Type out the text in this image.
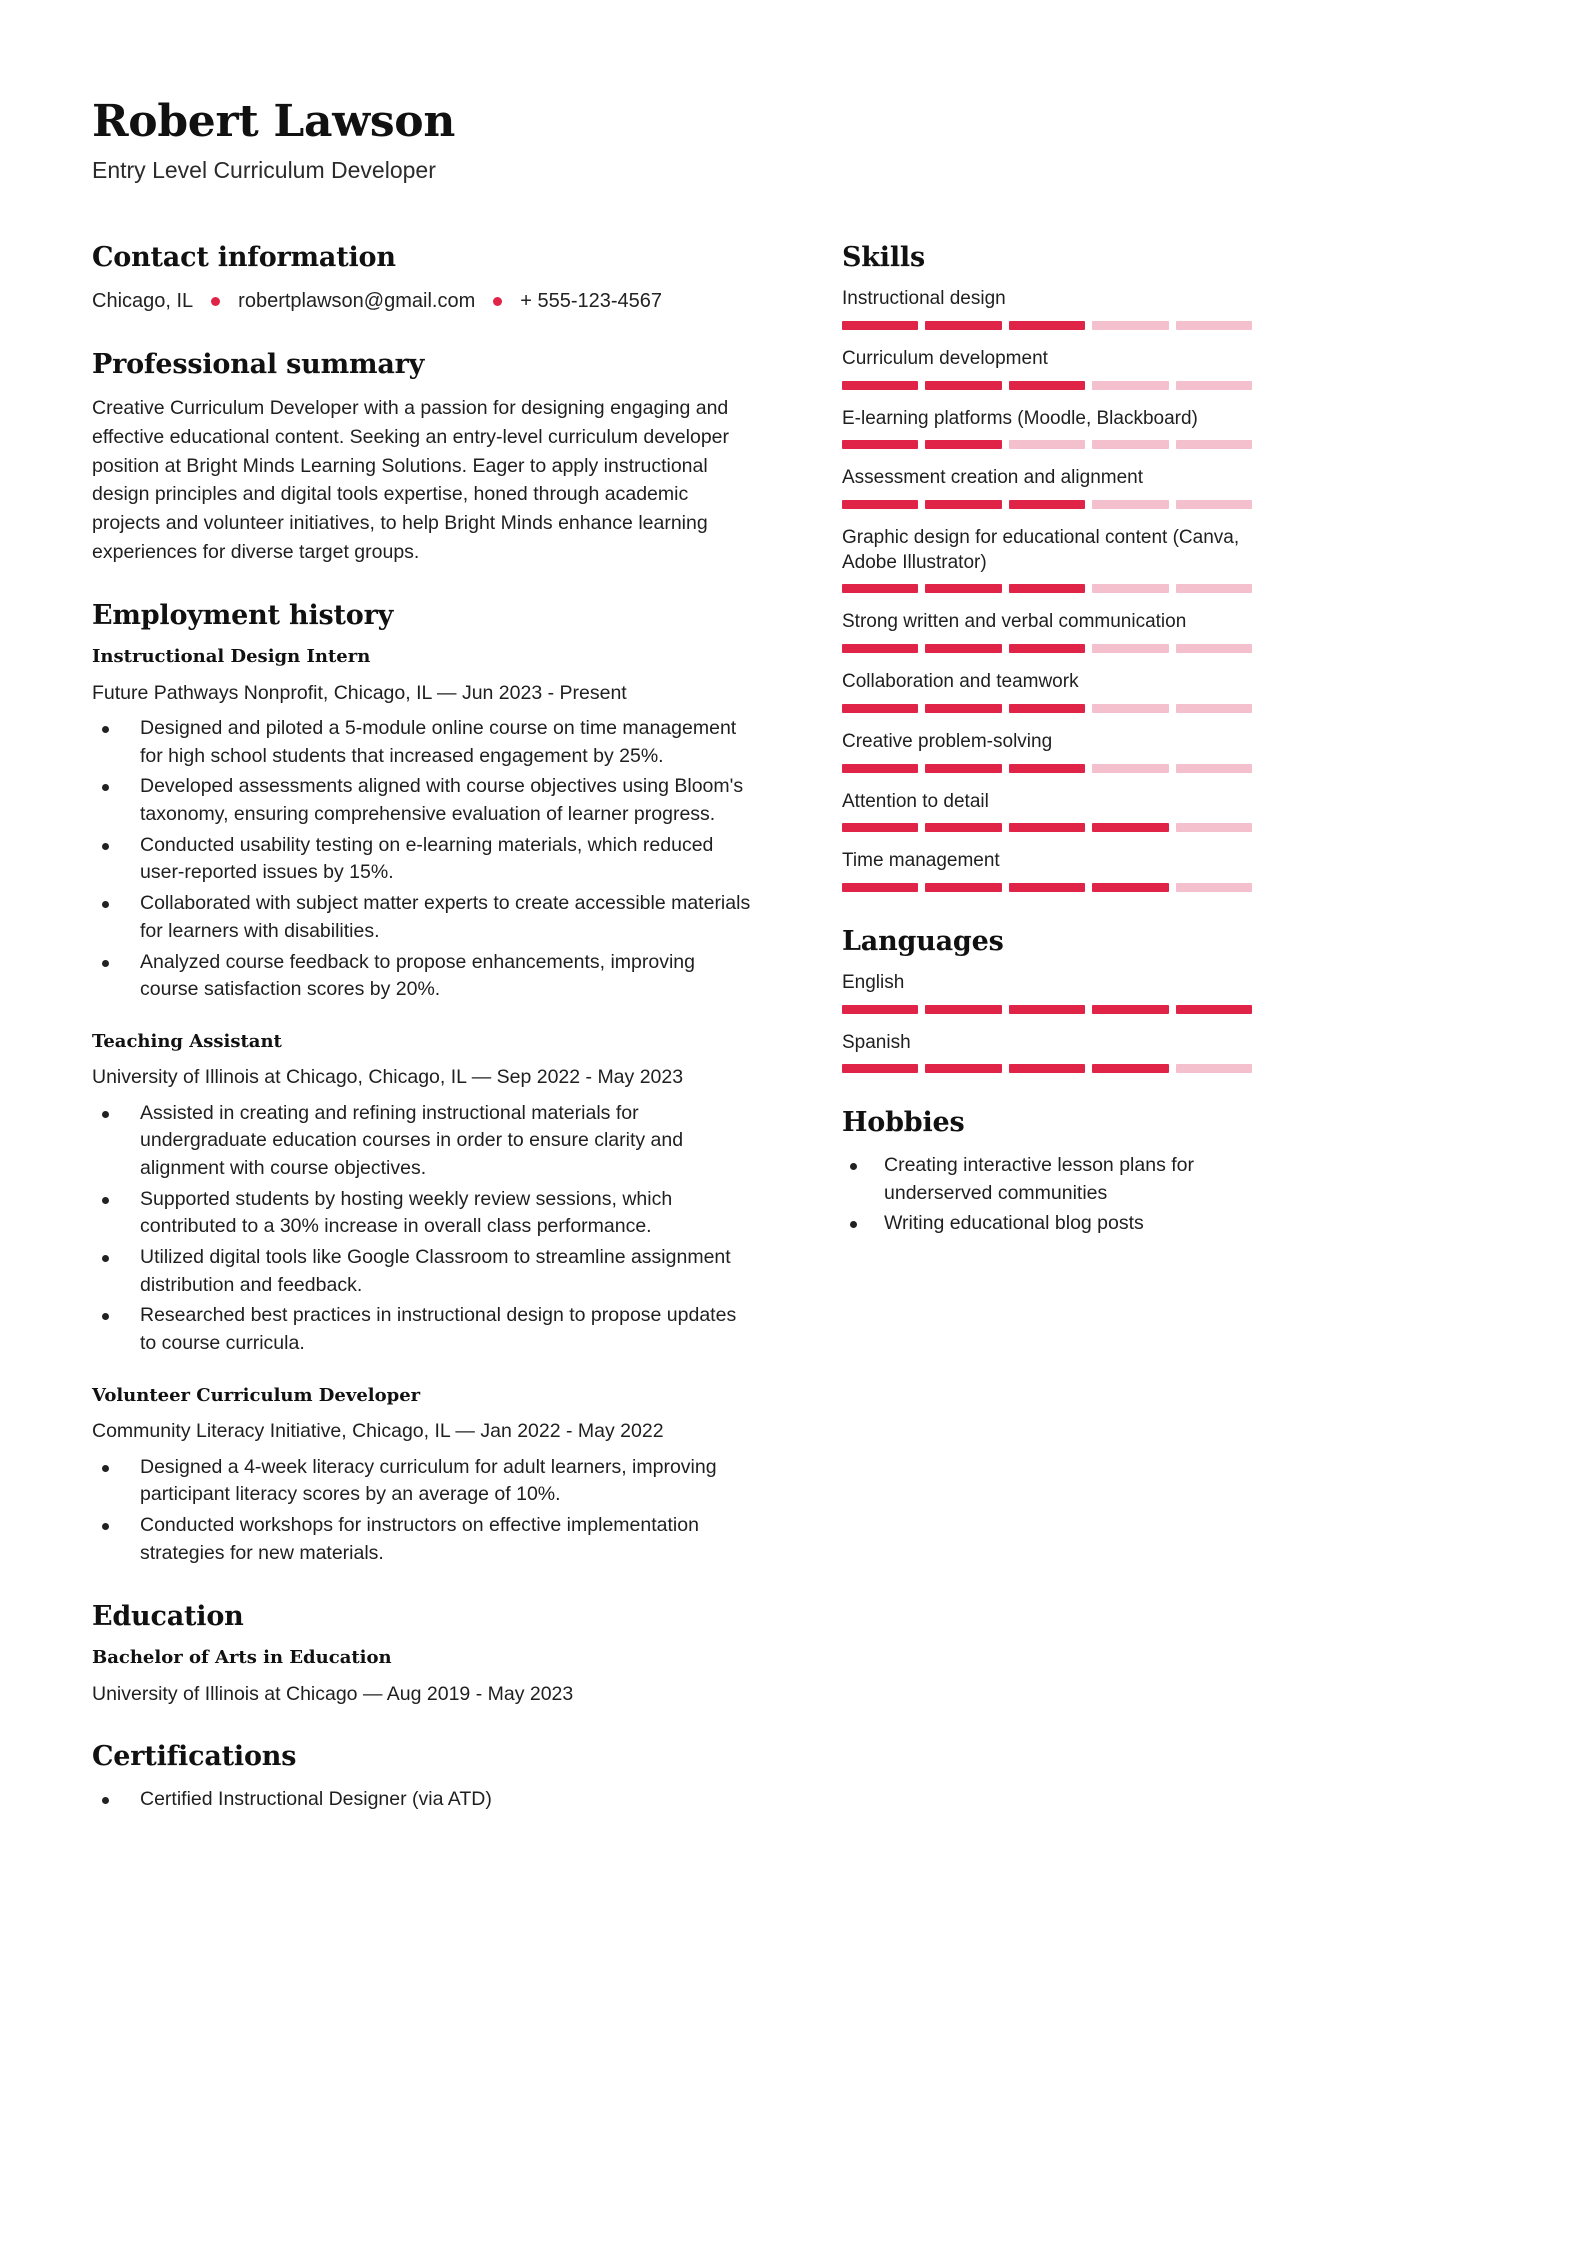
Robert Lawson
Entry Level Curriculum Developer
Contact information
Chicago, IL robertplawson@gmail.com + 555-123-4567
Professional summary
Creative Curriculum Developer with a passion for designing engaging and effective educational content. Seeking an entry-level curriculum developer position at Bright Minds Learning Solutions. Eager to apply instructional design principles and digital tools expertise, honed through academic projects and volunteer initiatives, to help Bright Minds enhance learning experiences for diverse target groups.
Employment history
Instructional Design Intern
Future Pathways Nonprofit, Chicago, IL — Jun 2023 - Present
Designed and piloted a 5-module online course on time management for high school students that increased engagement by 25%.
Developed assessments aligned with course objectives using Bloom's taxonomy, ensuring comprehensive evaluation of learner progress.
Conducted usability testing on e-learning materials, which reduced user-reported issues by 15%.
Collaborated with subject matter experts to create accessible materials for learners with disabilities.
Analyzed course feedback to propose enhancements, improving course satisfaction scores by 20%.
Teaching Assistant
University of Illinois at Chicago, Chicago, IL — Sep 2022 - May 2023
Assisted in creating and refining instructional materials for undergraduate education courses in order to ensure clarity and alignment with course objectives.
Supported students by hosting weekly review sessions, which contributed to a 30% increase in overall class performance.
Utilized digital tools like Google Classroom to streamline assignment distribution and feedback.
Researched best practices in instructional design to propose updates to course curricula.
Volunteer Curriculum Developer
Community Literacy Initiative, Chicago, IL — Jan 2022 - May 2022
Designed a 4-week literacy curriculum for adult learners, improving participant literacy scores by an average of 10%.
Conducted workshops for instructors on effective implementation strategies for new materials.
Education
Bachelor of Arts in Education
University of Illinois at Chicago — Aug 2019 - May 2023
Certifications
Certified Instructional Designer (via ATD)
Skills
Instructional design
Curriculum development
E-learning platforms (Moodle, Blackboard)
Assessment creation and alignment
Graphic design for educational content (Canva, Adobe Illustrator)
Strong written and verbal communication
Collaboration and teamwork
Creative problem-solving
Attention to detail
Time management
Languages
English
Spanish
Hobbies
Creating interactive lesson plans for underserved communities
Writing educational blog posts
